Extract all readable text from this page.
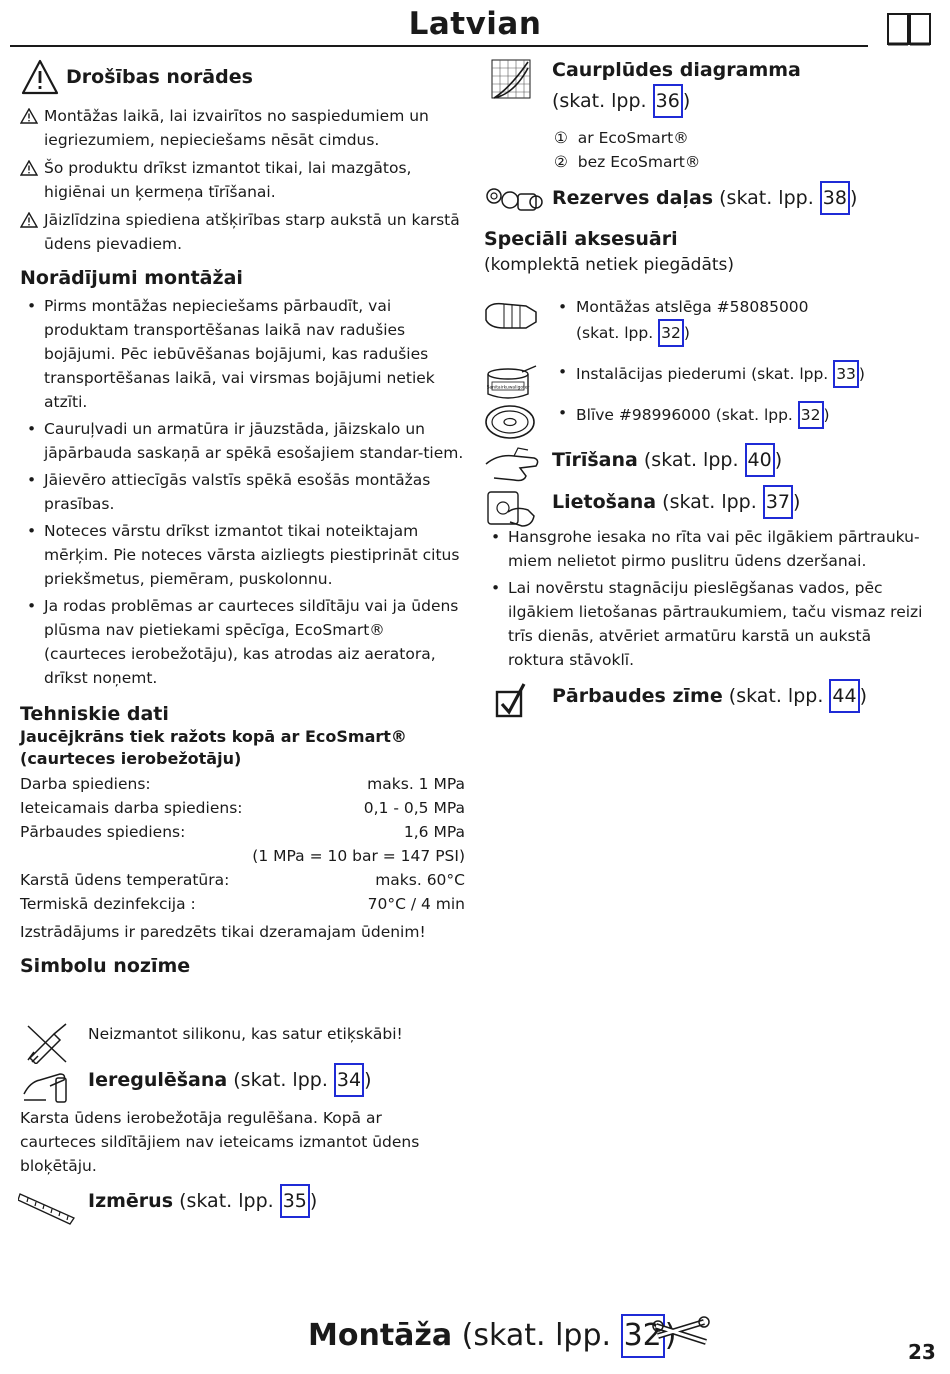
Latvian
Drošības norādes
Montāžas laikā, lai izvairītos no saspiedumiem un iegriezumiem, nepieciešams nēsāt cimdus.
Šo produktu drīkst izmantot tikai, lai mazgātos, higiēnai un ķermeņa tīrīšanai.
Jāizlīdzina spiediena atšķirības starp aukstā un karstā ūdens pievadiem.
Norādījumi montāžai
• Pirms montāžas nepieciešams pārbaudīt, vai produktam transportēšanas laikā nav radušies bojājumi. Pēc iebūvēšanas bojājumi, kas radušies transportēšanas laikā, vai virsmas bojājumi netiek atzīti.
• Cauruļvadi un armatūra ir jāuzstāda, jāizskalo un jāpārbauda saskaņā ar spēkā esošajiem standar-tiem.
• Jāievēro attiecīgās valstīs spēkā esošās montāžas prasības.
• Noteces vārstu drīkst izmantot tikai noteiktajam mērķim. Pie noteces vārsta aizliegts piestiprināt citus priekšmetus, piemēram, puskolonnu.
• Ja rodas problēmas ar caurteces sildītāju vai ja ūdens plūsma nav pietiekami spēcīga, EcoSmart® (caurteces ierobežotāju), kas atrodas aiz aeratora, drīkst noņemt.
Tehniskie dati
Jaucējkrāns tiek ražots kopā ar EcoSmart®
(caurteces ierobežotāju)
Darba spiediens:	maks. 1 MPa
Ieteicamais darba spiediens:	0,1 - 0,5 MPa
Pārbaudes spiediens:	1,6 MPa
(1 MPa = 10 bar = 147 PSI)
Karstā ūdens temperatūra:	maks. 60°C
Termiskā dezinfekcija :	70°C / 4 min
Izstrādājums ir paredzēts tikai dzeramajam ūdenim!
Simbolu nozīme
Neizmantot silikonu, kas satur etiķskābi!
Ieregulēšana (skat. lpp. 34 )
Karsta ūdens ierobežotāja regulēšana. Kopā ar caurteces sildītājiem nav ieteicams izmantot ūdens bloķētāju.
Izmērus (skat. lpp. 35 )
Caurplūdes diagramma
(skat. lpp. 36 )
① ar EcoSmart®
② bez EcoSmart®
Rezerves daļas (skat. lpp. 38 )
Speciāli aksesuāri
(komplektā netiek piegādāts)
• Montāžas atslēga #58085000
(skat. lpp. 32 )
Sanitairkuwaligoter
• Instalācijas piederumi (skat. lpp. 33 )
• Blīve #98996000 (skat. lpp. 32 )
Tīrīšana (skat. lpp. 40 )
Lietošana (skat. lpp. 37 )
• Hansgrohe iesaka no rīta vai pēc ilgākiem pārtrauku-miem nelietot pirmo puslitru ūdens dzeršanai.
• Lai novērstu stagnāciju pieslēgšanas vados, pēc ilgākiem lietošanas pārtraukumiem, taču vismaz reizi trīs dienās, atvēriet armatūru karstā un aukstā roktura stāvoklī.
Pārbaudes zīme (skat. lpp. 44 )
Montāža (skat. lpp. 32 )	23
